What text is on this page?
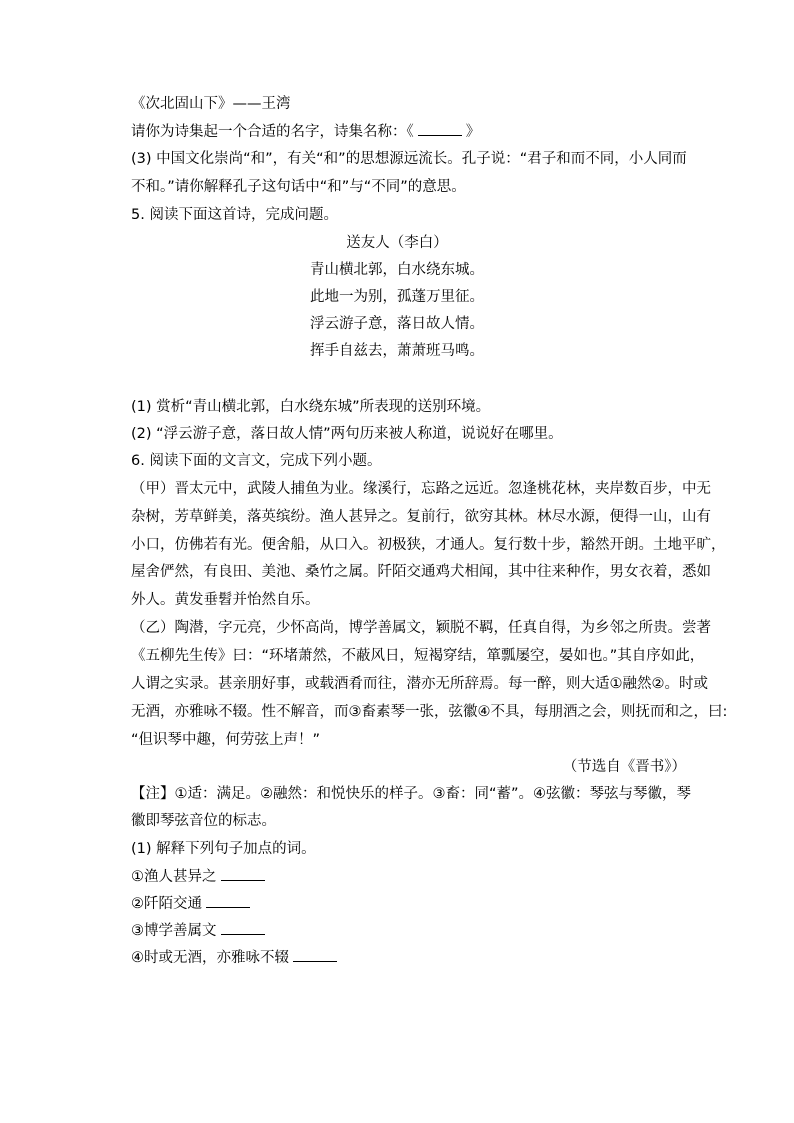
《次北固山下》——王湾
请你为诗集起一个合适的名字，诗集名称：《	》
(3) 中国文化崇尚“和”，有关“和”的思想源远流长。孔子说：“君子和而不同，小人同而
不和。”请你解释孔子这句话中“和”与“不同”的意思。
5. 阅读下面这首诗，完成问题。
送友人（李白）
青山横北郭，白水绕东城。
此地一为别，孤蓬万里征。
浮云游子意，落日故人情。
挥手自兹去，萧萧班马鸣。
(1) 赏析“青山横北郭，白水绕东城”所表现的送别环境。
(2) “浮云游子意，落日故人情”两句历来被人称道，说说好在哪里。
6. 阅读下面的文言文，完成下列小题。
（甲）晋太元中，武陵人捕鱼为业。缘溪行，忘路之远近。忽逢桃花林，夹岸数百步，中无
杂树，芳草鲜美，落英缤纷。渔人甚异之。复前行，欲穷其林。林尽水源，便得一山，山有
小口，仿佛若有光。便舍船，从口入。初极狭，才通人。复行数十步，豁然开朗。土地平旷，
屋舍俨然，有良田、美池、桑竹之属。阡陌交通鸡犬相闻，其中往来种作，男女衣着，悉如
外人。黄发垂髫并怡然自乐。
（乙）陶潜，字元亮，少怀高尚，博学善属文，颖脱不羁，任真自得，为乡邻之所贵。尝著
《五柳先生传》曰：“环堵萧然，不蔽风日，短褐穿结，箪瓢屡空，晏如也。”其自序如此，
人谓之实录。甚亲朋好事，或载酒肴而往，潜亦无所辞焉。每一醉，则大适①融然②。时或
无酒，亦雅咏不辍。性不解音，而③畜素琴一张，弦徽④不具，每朋酒之会，则抚而和之，曰:
“但识琴中趣，何劳弦上声！”
（节选自《晋书》）
【注】①适：满足。②融然：和悦快乐的样子。③畜：同“蓄”。④弦徽：琴弦与琴徽，琴
徽即琴弦音位的标志。
(1) 解释下列句子加点的词。
①渔人甚异之
②阡陌交通
③博学善属文
④时或无酒，亦雅咏不辍
